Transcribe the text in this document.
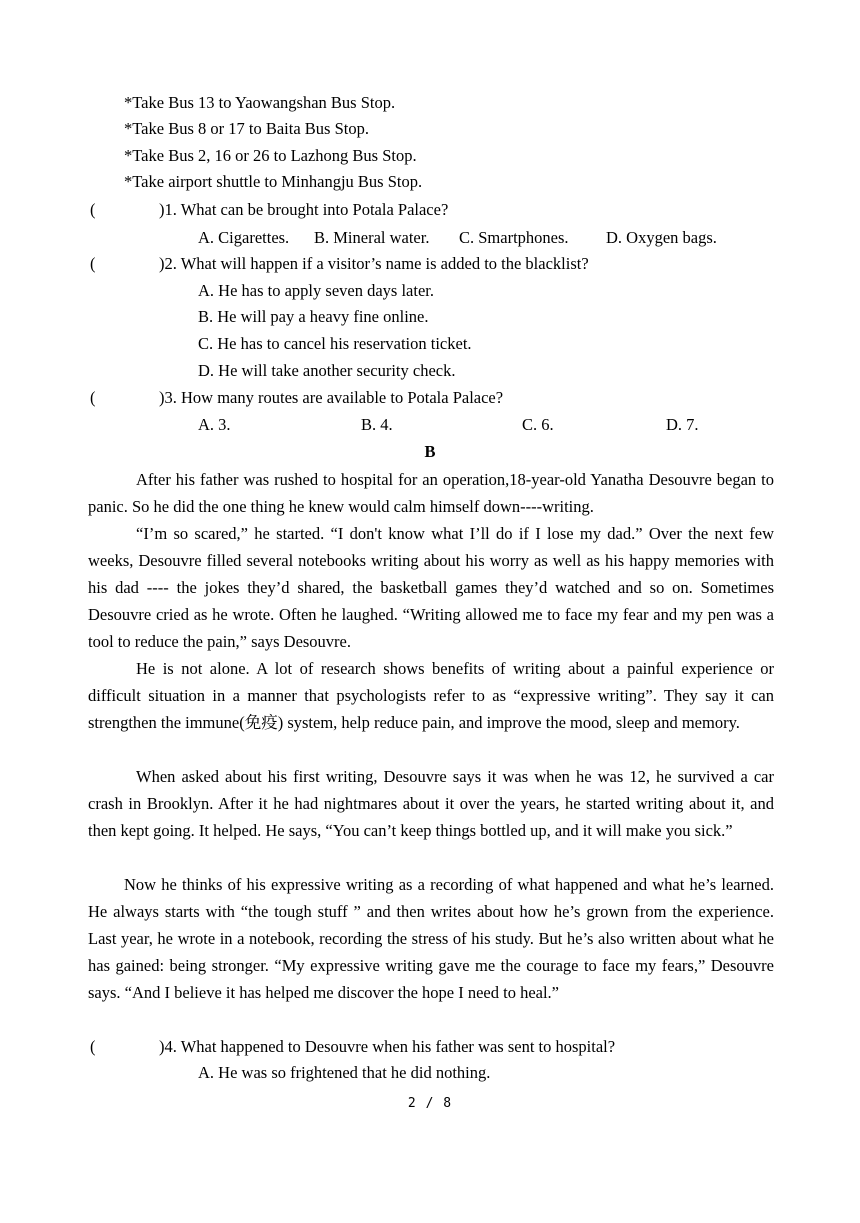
*Take Bus 13 to Yaowangshan Bus Stop.
*Take Bus 8 or 17 to Baita Bus Stop.
*Take Bus 2, 16 or 26 to Lazhong Bus Stop.
*Take airport shuttle to Minhangju Bus Stop.
(	)1. What can be brought into Potala Palace?
A. Cigarettes. B. Mineral water. C. Smartphones. D. Oxygen bags.
(	)2. What will happen if a visitor’s name is added to the blacklist?
A. He has to apply seven days later.
B. He will pay a heavy fine online.
C. He has to cancel his reservation ticket.
D. He will take another security check.
(	)3. How many routes are available to Potala Palace?
A. 3.	B. 4.	C. 6.	D. 7.
B
After his father was rushed to hospital for an operation,18-year-old Yanatha Desouvre began to panic. So he did the one thing he knew would calm himself down----writing.
“I’m so scared,” he started. “I don't know what I’ll do if I lose my dad.” Over the next few weeks, Desouvre filled several notebooks writing about his worry as well as his happy memories with his dad ---- the jokes they’d shared, the basketball games they’d watched and so on. Sometimes Desouvre cried as he wrote. Often he laughed. “Writing allowed me to face my fear and my pen was a tool to reduce the pain,” says Desouvre.
He is not alone. A lot of research shows benefits of writing about a painful experience or difficult situation in a manner that psychologists refer to as “expressive writing”. They say it can strengthen the immune(免疫) system, help reduce pain, and improve the mood, sleep and memory.
When asked about his first writing, Desouvre says it was when he was 12, he survived a car crash in Brooklyn. After it he had nightmares about it over the years, he started writing about it, and then kept going. It helped. He says, “You can’t keep things bottled up, and it will make you sick.”
Now he thinks of his expressive writing as a recording of what happened and what he’s learned. He always starts with “the tough stuff ” and then writes about how he’s grown from the experience. Last year, he wrote in a notebook, recording the stress of his study. But he’s also written about what he has gained: being stronger. “My expressive writing gave me the courage to face my fears,” Desouvre says. “And I believe it has helped me discover the hope I need to heal.”
(	)4. What happened to Desouvre when his father was sent to hospital?
A. He was so frightened that he did nothing.
2 / 8
